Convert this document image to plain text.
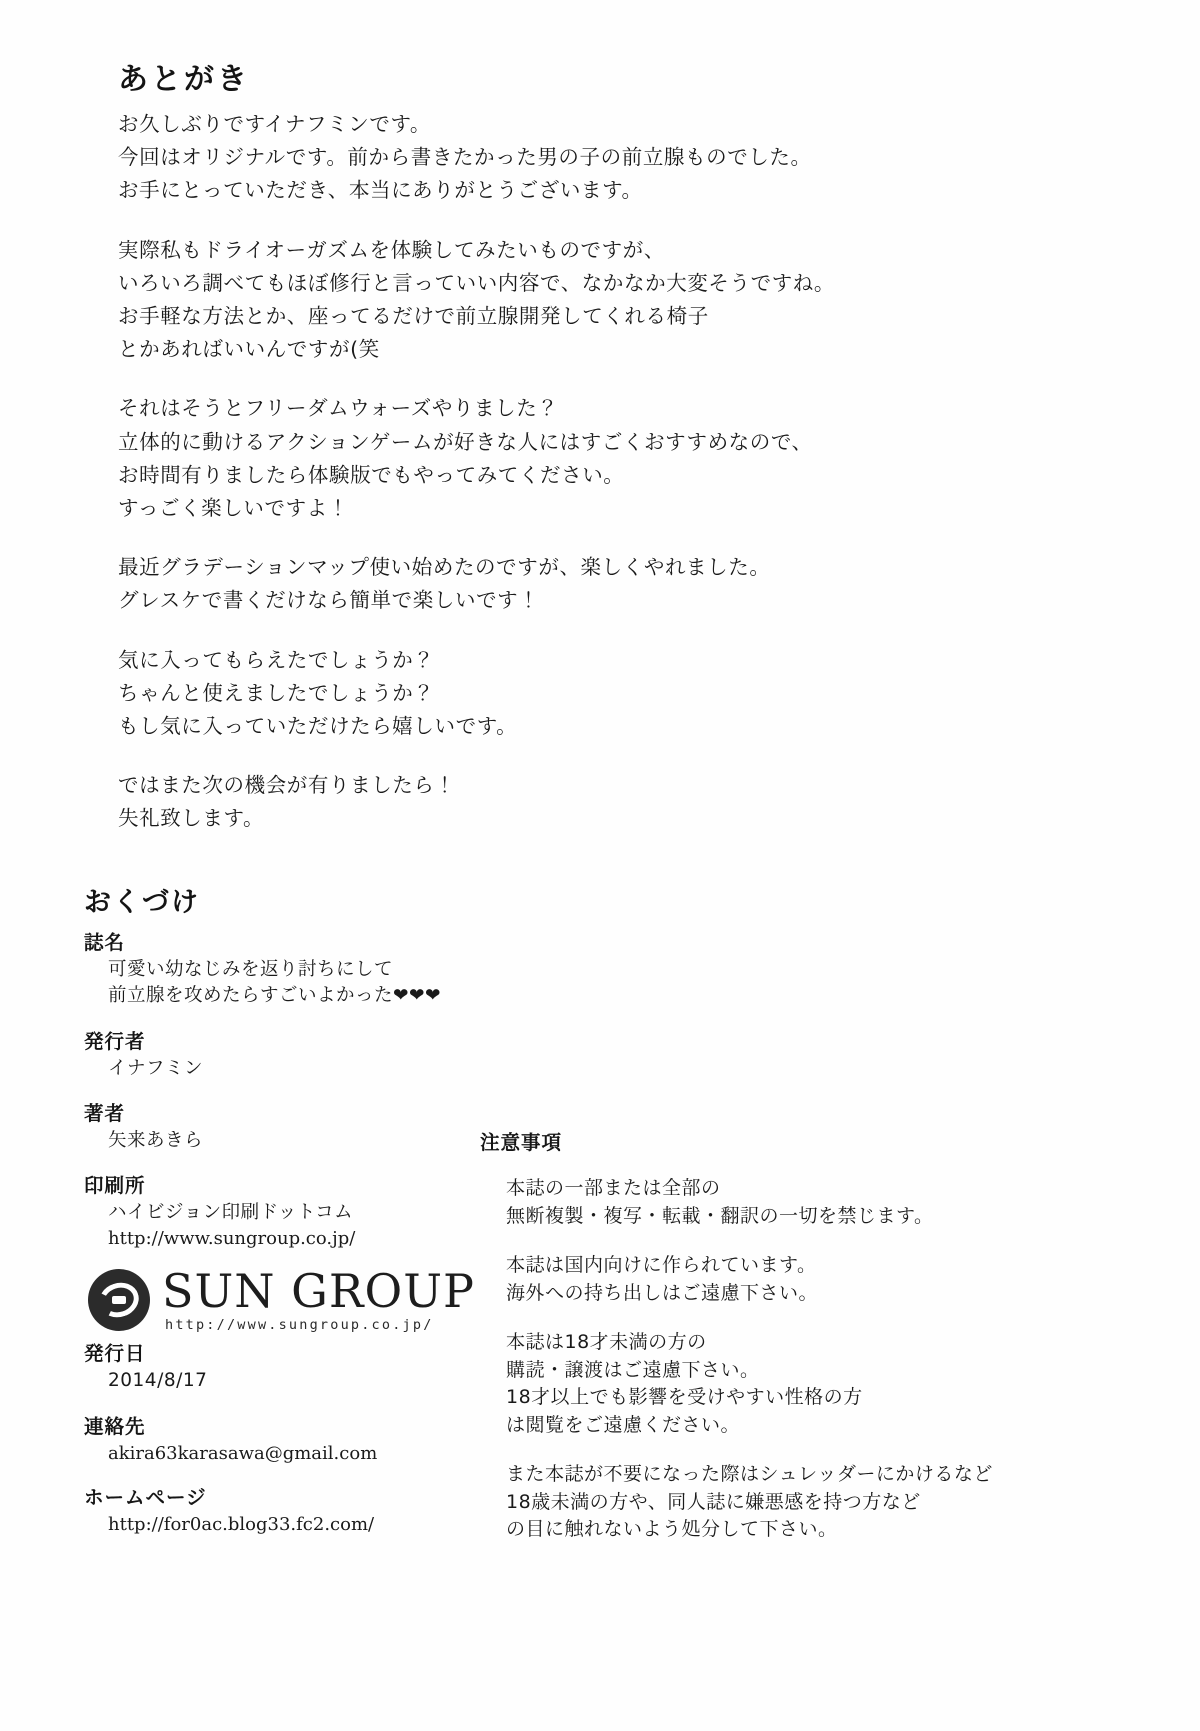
あとがき
お久しぶりですイナフミンです。
今回はオリジナルです。前から書きたかった男の子の前立腺ものでした。
お手にとっていただき、本当にありがとうございます。
実際私もドライオーガズムを体験してみたいものですが、
いろいろ調べてもほぼ修行と言っていい内容で、なかなか大変そうですね。
お手軽な方法とか、座ってるだけで前立腺開発してくれる椅子
とかあればいいんですが(笑
それはそうとフリーダムウォーズやりました？
立体的に動けるアクションゲームが好きな人にはすごくおすすめなので、
お時間有りましたら体験版でもやってみてください。
すっごく楽しいですよ！
最近グラデーションマップ使い始めたのですが、楽しくやれました。
グレスケで書くだけなら簡単で楽しいです！
気に入ってもらえたでしょうか？
ちゃんと使えましたでしょうか？
もし気に入っていただけたら嬉しいです。
ではまた次の機会が有りましたら！
失礼致します。
おくづけ
誌名
可愛い幼なじみを返り討ちにして
前立腺を攻めたらすごいよかった❤❤❤
発行者
イナフミン
著者
矢来あきら
印刷所
ハイビジョン印刷ドットコム
http://www.sungroup.co.jp/
SUN GROUP
http://www.sungroup.co.jp/
発行日
2014/8/17
連絡先
akira63karasawa@gmail.com
ホームページ
http://for0ac.blog33.fc2.com/
注意事項
本誌の一部または全部の
無断複製・複写・転載・翻訳の一切を禁じます。
本誌は国内向けに作られています。
海外への持ち出しはご遠慮下さい。
本誌は18才未満の方の
購読・譲渡はご遠慮下さい。
18才以上でも影響を受けやすい性格の方
は閲覧をご遠慮ください。
また本誌が不要になった際はシュレッダーにかけるなど
18歳未満の方や、同人誌に嫌悪感を持つ方など
の目に触れないよう処分して下さい。
